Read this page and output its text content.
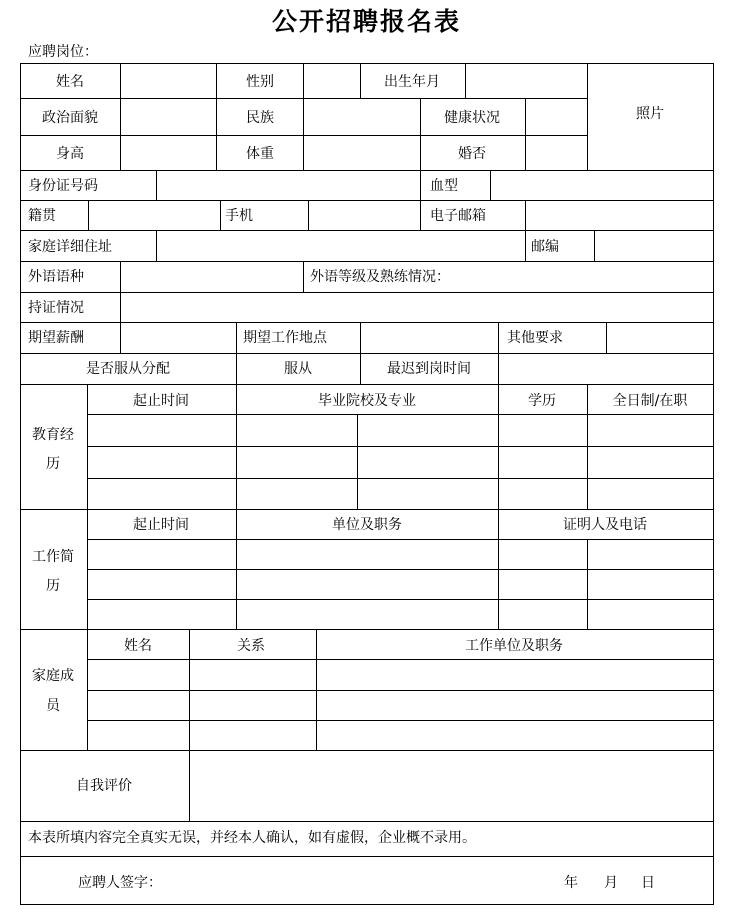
公开招聘报名表
应聘岗位：
姓名	性别	出生年月
照片
政治面貌	民族	健康状况
身高	体重	婚否
身份证号码	血型
籍贯	手机	电子邮箱
家庭详细住址	邮编
外语语种	外语等级及熟练情况：
持证情况
期望薪酬	期望工作地点	其他要求
是否服从分配	服从	最迟到岗时间
教育经
历
起止时间	毕业院校及专业	学历	全日制/在职
工作简
历
起止时间	单位及职务	证明人及电话
家庭成
员
姓名	关系	工作单位及职务
自我评价
本表所填内容完全真实无误，并经本人确认，如有虚假，企业概不录用。
应聘人签字：	年 月 日
